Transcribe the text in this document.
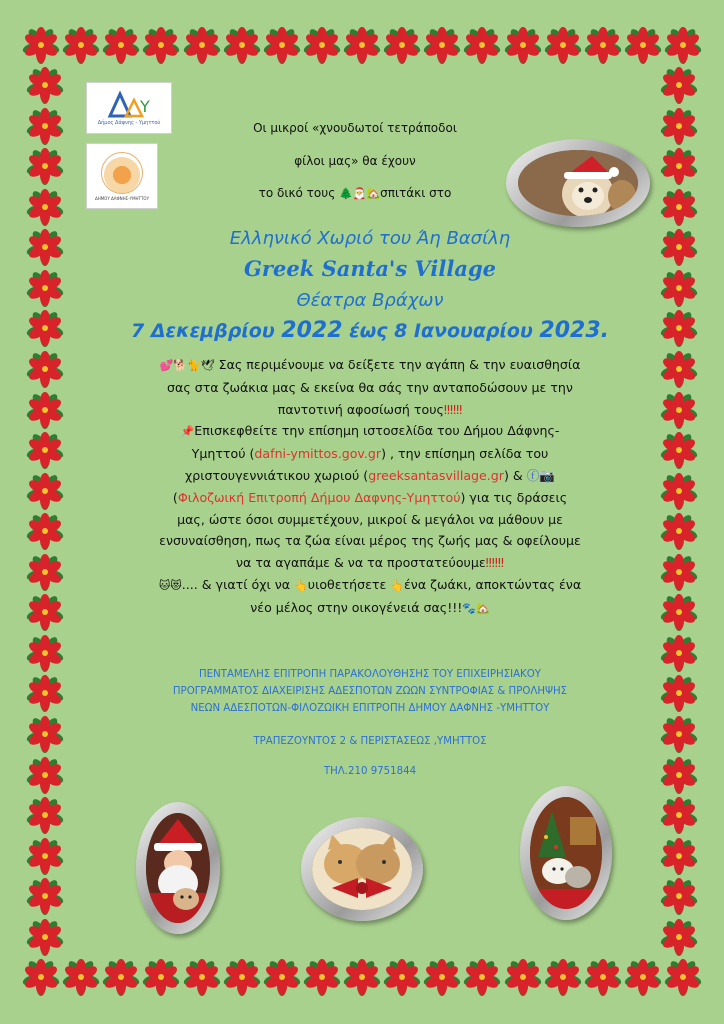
Y
Δήμος Δάφνης - Υμηττού
ΔΗΜΟΥ ΔΑΦΝΗΣ-ΥΜΗΤΤΟΥ
Οι μικροί «χνουδωτοί τετράποδοι
φίλοι μας» θα έχουν
το δικό τους 🌲🎅🏡σπιτάκι στο
Ελληνικό Χωριό του Άη Βασίλη
Greek Santa's Village
Θέατρα Βράχων
7 Δεκεμβρίου 2022 έως 8 Ιανουαρίου 2023.
💕🐕🐈🕊 Σας περιμένουμε να δείξετε την αγάπη & την ευαισθησία
σας στα ζωάκια μας & εκείνα θα σάς την ανταποδώσουν με την
παντοτινή αφοσίωσή τους‼‼‼
📌Επισκεφθείτε την επίσημη ιστοσελίδα του Δήμου Δάφνης-
Υμηττού (dafni-ymittos.gov.gr) , την επίσημη σελίδα του
χριστουγεννιάτικου χωριού (greeksantasvillage.gr) & ⓕ📷
(Φιλοζωική Επιτροπή Δήμου Δαφνης-Υμηττού) για τις δράσεις
μας, ώστε όσοι συμμετέχουν, μικροί & μεγάλοι να μάθουν με
ενσυναίσθηση, πως τα ζώα είναι μέρος της ζωής μας & οφείλουμε
να τα αγαπάμε & να τα προστατεύουμε‼‼‼
🐱😻.... & γιατί όχι να 👆υιοθετήσετε 👆ένα ζωάκι, αποκτώντας ένα
νέο μέλος στην οικογένειά σας!!!🐾🏡
ΠΕΝΤΑΜΕΛΗΣ ΕΠΙΤΡΟΠΗ ΠΑΡΑΚΟΛΟΥΘΗΣΗΣ ΤΟΥ ΕΠΙΧΕΙΡΗΣΙΑΚΟΥ
ΠΡΟΓΡΑΜΜΑΤΟΣ ΔΙΑΧΕΙΡΙΣΗΣ ΑΔΕΣΠΟΤΩΝ ΖΩΩΝ ΣΥΝΤΡΟΦΙΑΣ & ΠΡΟΛΗΨΗΣ
ΝΕΩΝ ΑΔΕΣΠΟΤΩΝ-ΦΙΛΟΖΩΙΚΗ ΕΠΙΤΡΟΠΗ ΔΗΜΟΥ ΔΑΦΝΗΣ -ΥΜΗΤΤΟΥ
ΤΡΑΠΕΖΟΥΝΤΟΣ 2 & ΠΕΡΙΣΤΑΣΕΩΣ ,ΥΜΗΤΤΟΣ
ΤΗΛ.210 9751844
